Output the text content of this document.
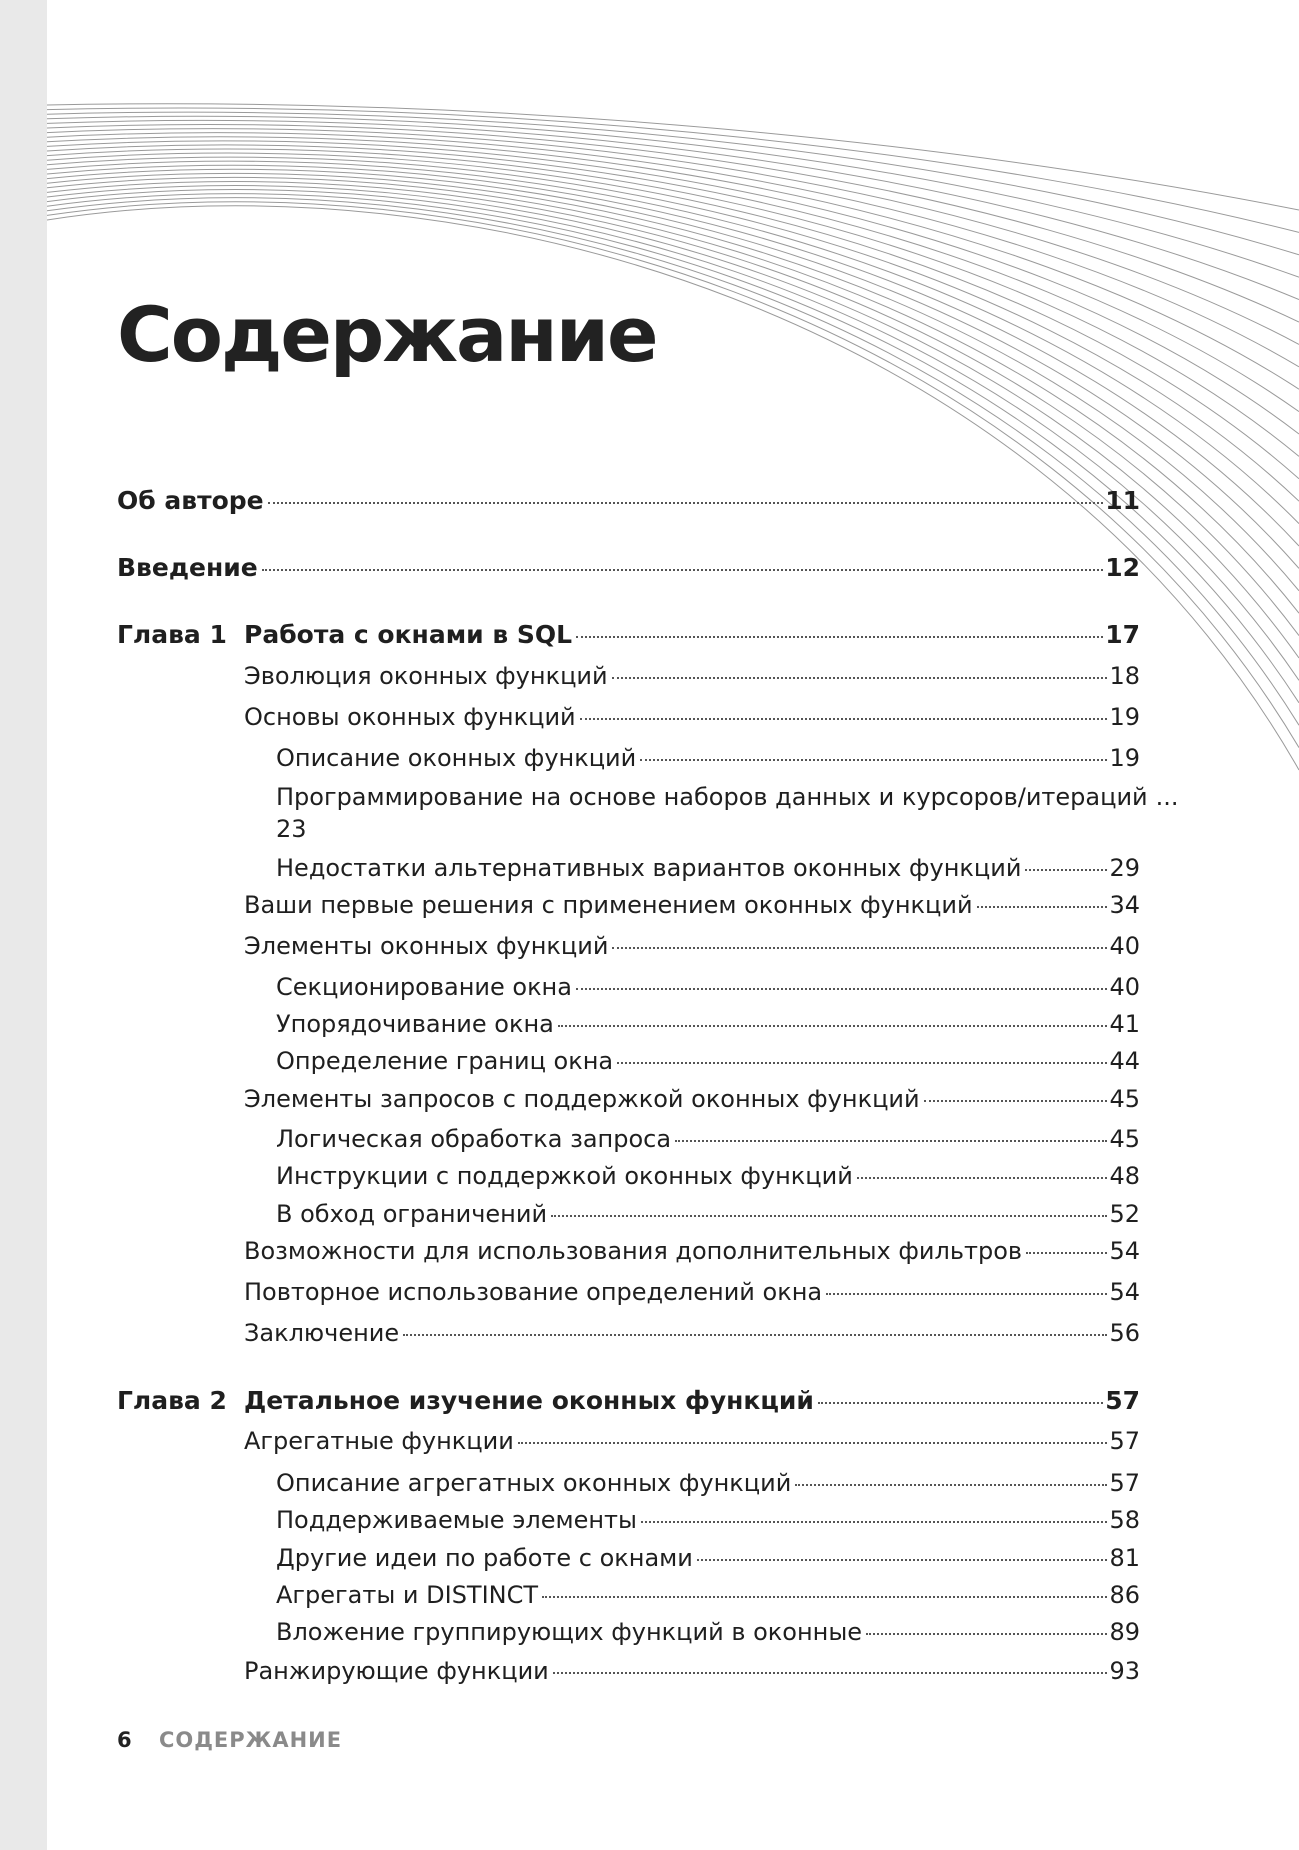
Содержание
Об авторе	11
Введение	12
Глава 1 Работа с окнами в SQL	17
Эволюция оконных функций	18
Основы оконных функций	19
Описание оконных функций	19
Программирование на основе наборов данных и курсоров/итераций ...
23
Недостатки альтернативных вариантов оконных функций	29
Ваши первые решения с применением оконных функций	34
Элементы оконных функций	40
Секционирование окна	40
Упорядочивание окна	41
Определение границ окна	44
Элементы запросов с поддержкой оконных функций	45
Логическая обработка запроса	45
Инструкции с поддержкой оконных функций	48
В обход ограничений	52
Возможности для использования дополнительных фильтров	54
Повторное использование определений окна	54
Заключение	56
Глава 2 Детальное изучение оконных функций	57
Агрегатные функции	57
Описание агрегатных оконных функций	57
Поддерживаемые элементы	58
Другие идеи по работе с окнами	81
Агрегаты и DISTINCT	86
Вложение группирующих функций в оконные	89
Ранжирующие функции	93
6 СОДЕРЖАНИЕ
